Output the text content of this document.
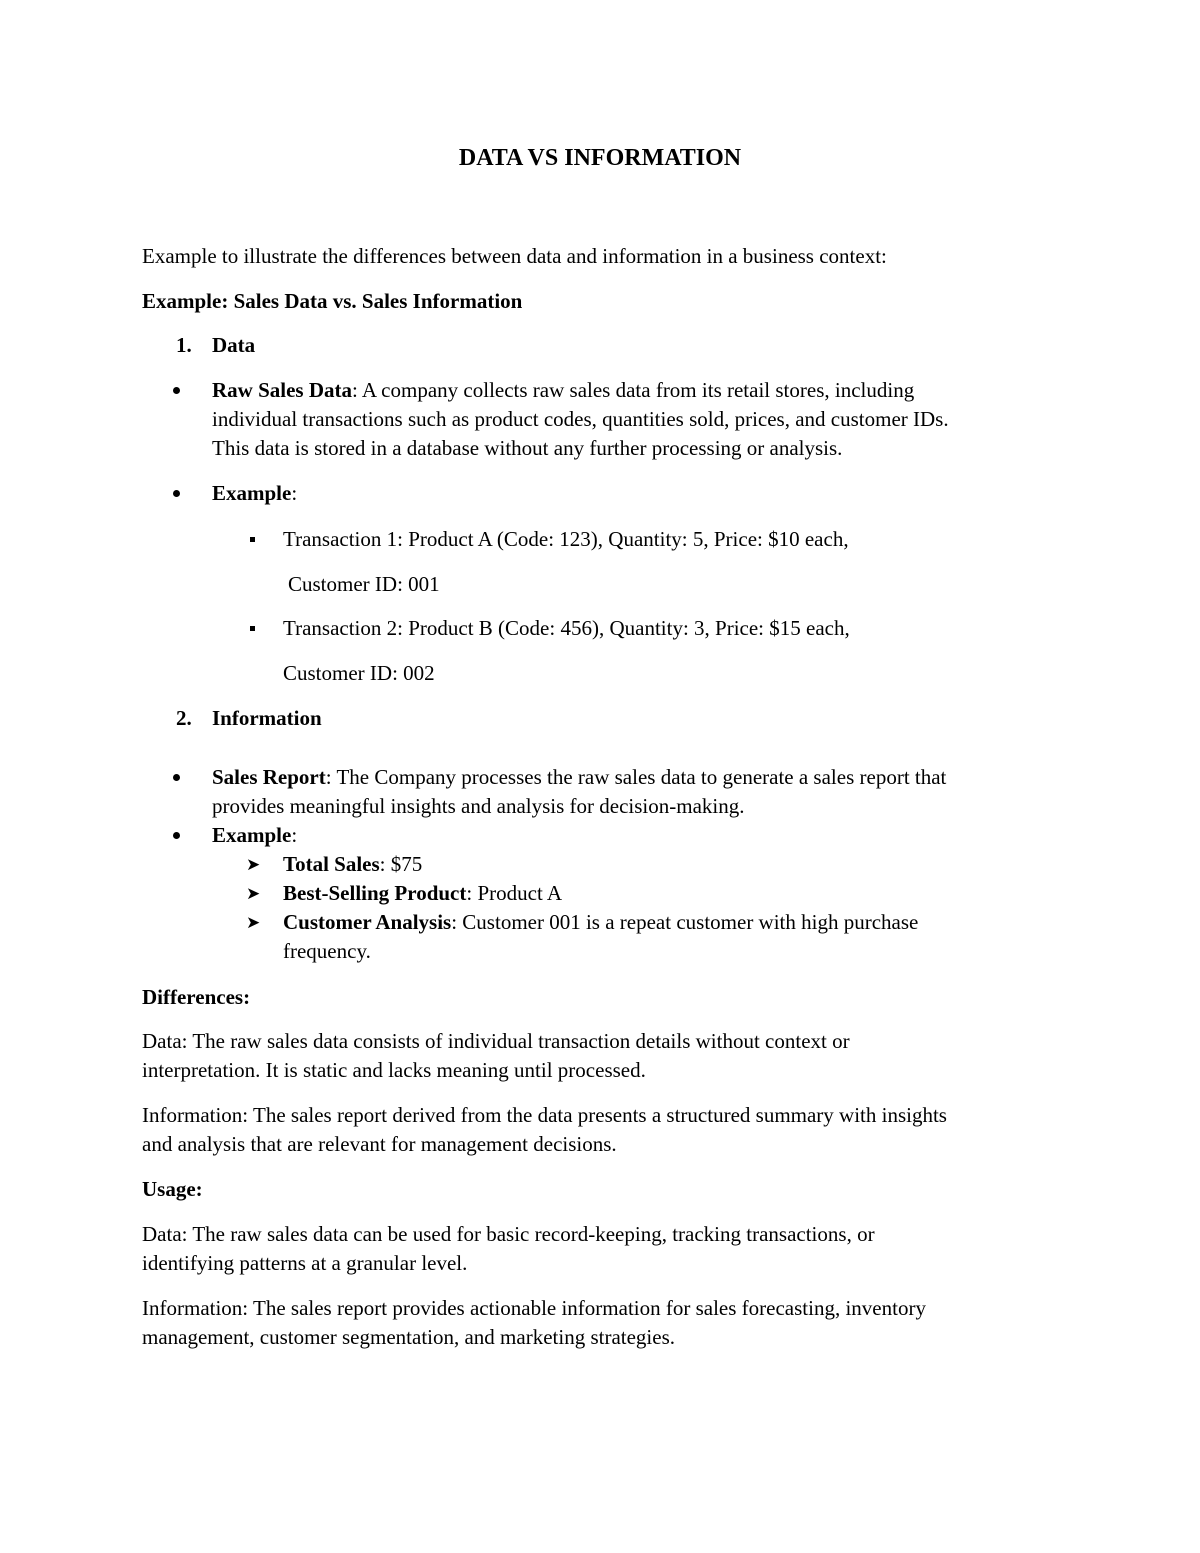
DATA VS INFORMATION
Example to illustrate the differences between data and information in a business context:
Example: Sales Data vs. Sales Information
1. Data
Raw Sales Data: A company collects raw sales data from its retail stores, including
individual transactions such as product codes, quantities sold, prices, and customer IDs.
This data is stored in a database without any further processing or analysis.
Example:
Transaction 1: Product A (Code: 123), Quantity: 5, Price: $10 each,
Customer ID: 001
Transaction 2: Product B (Code: 456), Quantity: 3, Price: $15 each,
Customer ID: 002
2. Information
Sales Report: The Company processes the raw sales data to generate a sales report that
provides meaningful insights and analysis for decision-making.
Example:
➤ Total Sales: $75
➤ Best-Selling Product: Product A
➤ Customer Analysis: Customer 001 is a repeat customer with high purchase
frequency.
Differences:
Data: The raw sales data consists of individual transaction details without context or
interpretation. It is static and lacks meaning until processed.
Information: The sales report derived from the data presents a structured summary with insights
and analysis that are relevant for management decisions.
Usage:
Data: The raw sales data can be used for basic record-keeping, tracking transactions, or
identifying patterns at a granular level.
Information: The sales report provides actionable information for sales forecasting, inventory
management, customer segmentation, and marketing strategies.
